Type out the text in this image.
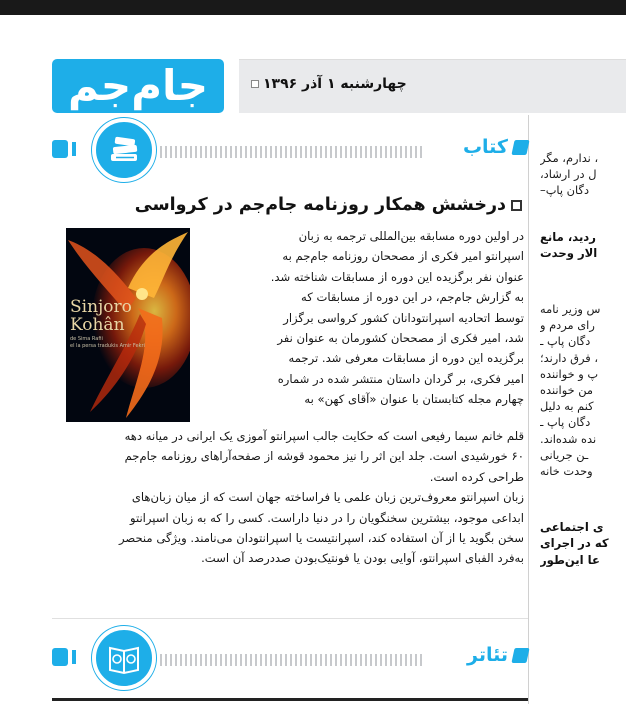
جام‌جم	چهارشنبه ۱ آذر ۱۳۹۶
کتاب
درخشش همکار روزنامه جام‌جم در کرواسی
Sinjoro
Kohân
de Sima Rafii
el la persa tradukis Amir Fekri
در اولین دوره مسابقه بین‌المللی ترجمه به زبان
اسپرانتو امیر فکری از مصححان روزنامه جام‌جم به
عنوان نفر برگزیده این دوره از مسابقات شناخته شد.
به گزارش جام‌جم، در این دوره از مسابقات که
توسط اتحادیه اسپرانتودانان کشور کرواسی برگزار
شد، امیر فکری از مصححان کشورمان به عنوان نفر
برگزیده این دوره از مسابقات معرفی شد. ترجمه
امیر فکری، بر گردان داستان منتشر شده در شماره
چهارم مجله کتابستان با عنوان «آقای کهن» به
قلم خانم سیما رفیعی است که حکایت جالب اسپرانتو آموزی یک ایرانی در میانه دهه
۶۰ خورشیدی است. جلد این اثر را نیز محمود قوشه از صفحه‌آرا‌های روزنامه جام‌جم
طراحی کرده است.
زبان اسپرانتو معروف‌ترین زبان علمی یا فراساخته جهان است که از میان زبان‌های
ابداعی موجود، بیشترین سخنگویان را در دنیا داراست. کسی را که به زبان اسپرانتو
سخن بگوید یا از آن استفاده کند، اسپرانتیست یا اسپرانتودان می‌نامند. ویژگی منحصر
به‌فرد الفبای اسپرانتو، آوایی بودن یا فونتیک‌بودن صددرصد آن است.
تئاتر
، ندارم، مگر
ل در ارشاد،
دگان پاپ–
ردید، مانع
الار وحدت
س وزیر نامه
رای مردم و
دگان پاپ ـ
، فرق دارند؛
پ و خواننده
من خواننده
کنم به دلیل
دگان پاپ ـ
نده شده‌اند.
ـن جریانی
وحدت خانه
ی اجتماعی
که در اجرای
عا این‌طور
